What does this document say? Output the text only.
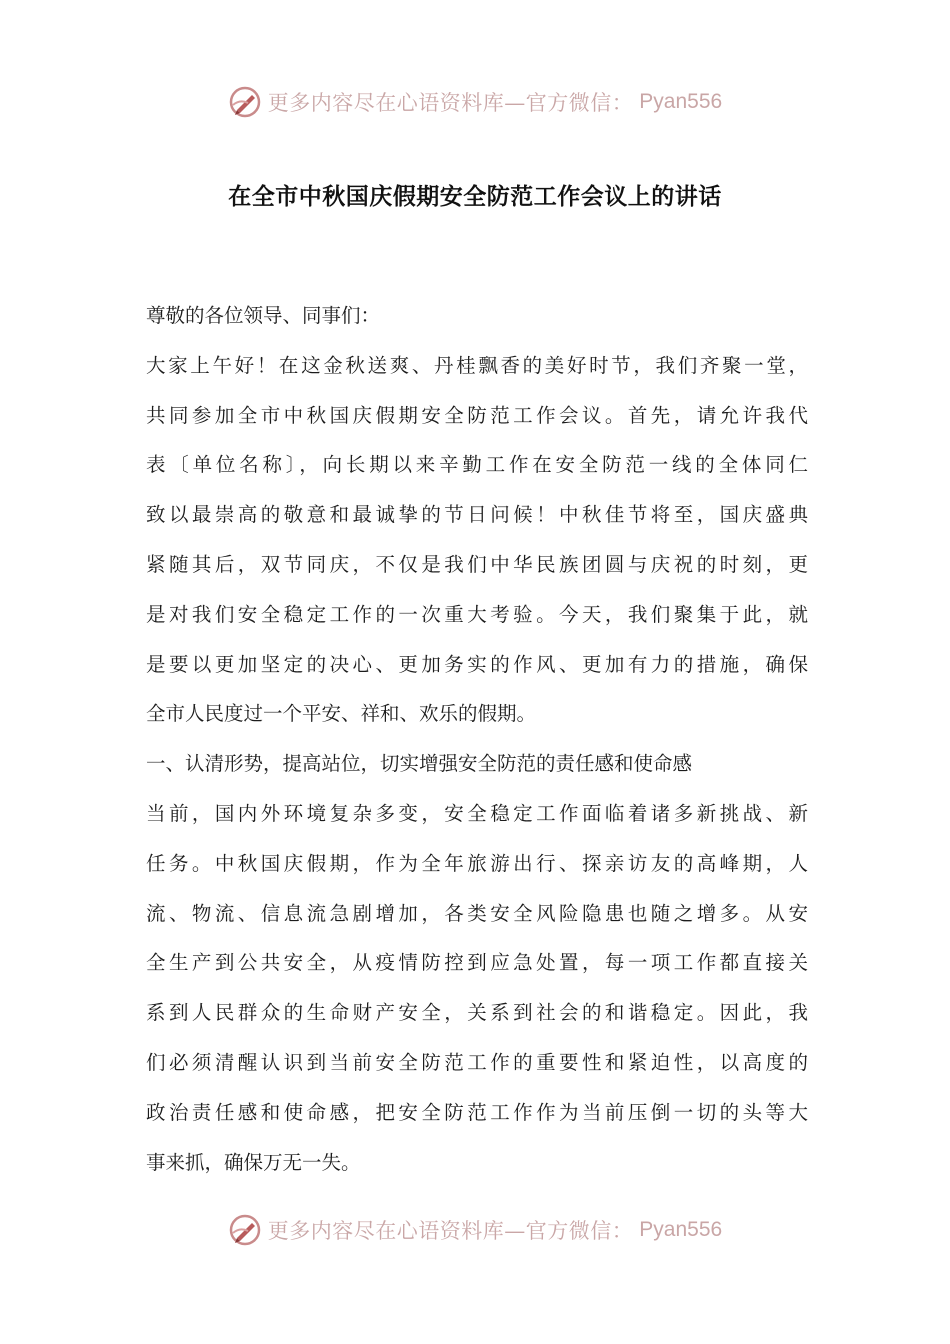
更多内容尽在心语资料库—官方微信： Pyan556
在全市中秋国庆假期安全防范工作会议上的讲话
尊敬的各位领导、同事们：
大家上午好！在这金秋送爽、丹桂飘香的美好时节，我们齐聚一堂，
共同参加全市中秋国庆假期安全防范工作会议。首先，请允许我代
表〔单位名称〕，向长期以来辛勤工作在安全防范一线的全体同仁
致以最崇高的敬意和最诚挚的节日问候！中秋佳节将至，国庆盛典
紧随其后，双节同庆，不仅是我们中华民族团圆与庆祝的时刻，更
是对我们安全稳定工作的一次重大考验。今天，我们聚集于此，就
是要以更加坚定的决心、更加务实的作风、更加有力的措施，确保
全市人民度过一个平安、祥和、欢乐的假期。
一、认清形势，提高站位，切实增强安全防范的责任感和使命感
当前，国内外环境复杂多变，安全稳定工作面临着诸多新挑战、新
任务。中秋国庆假期，作为全年旅游出行、探亲访友的高峰期，人
流、物流、信息流急剧增加，各类安全风险隐患也随之增多。从安
全生产到公共安全，从疫情防控到应急处置，每一项工作都直接关
系到人民群众的生命财产安全，关系到社会的和谐稳定。因此，我
们必须清醒认识到当前安全防范工作的重要性和紧迫性，以高度的
政治责任感和使命感，把安全防范工作作为当前压倒一切的头等大
事来抓，确保万无一失。
更多内容尽在心语资料库—官方微信： Pyan556
